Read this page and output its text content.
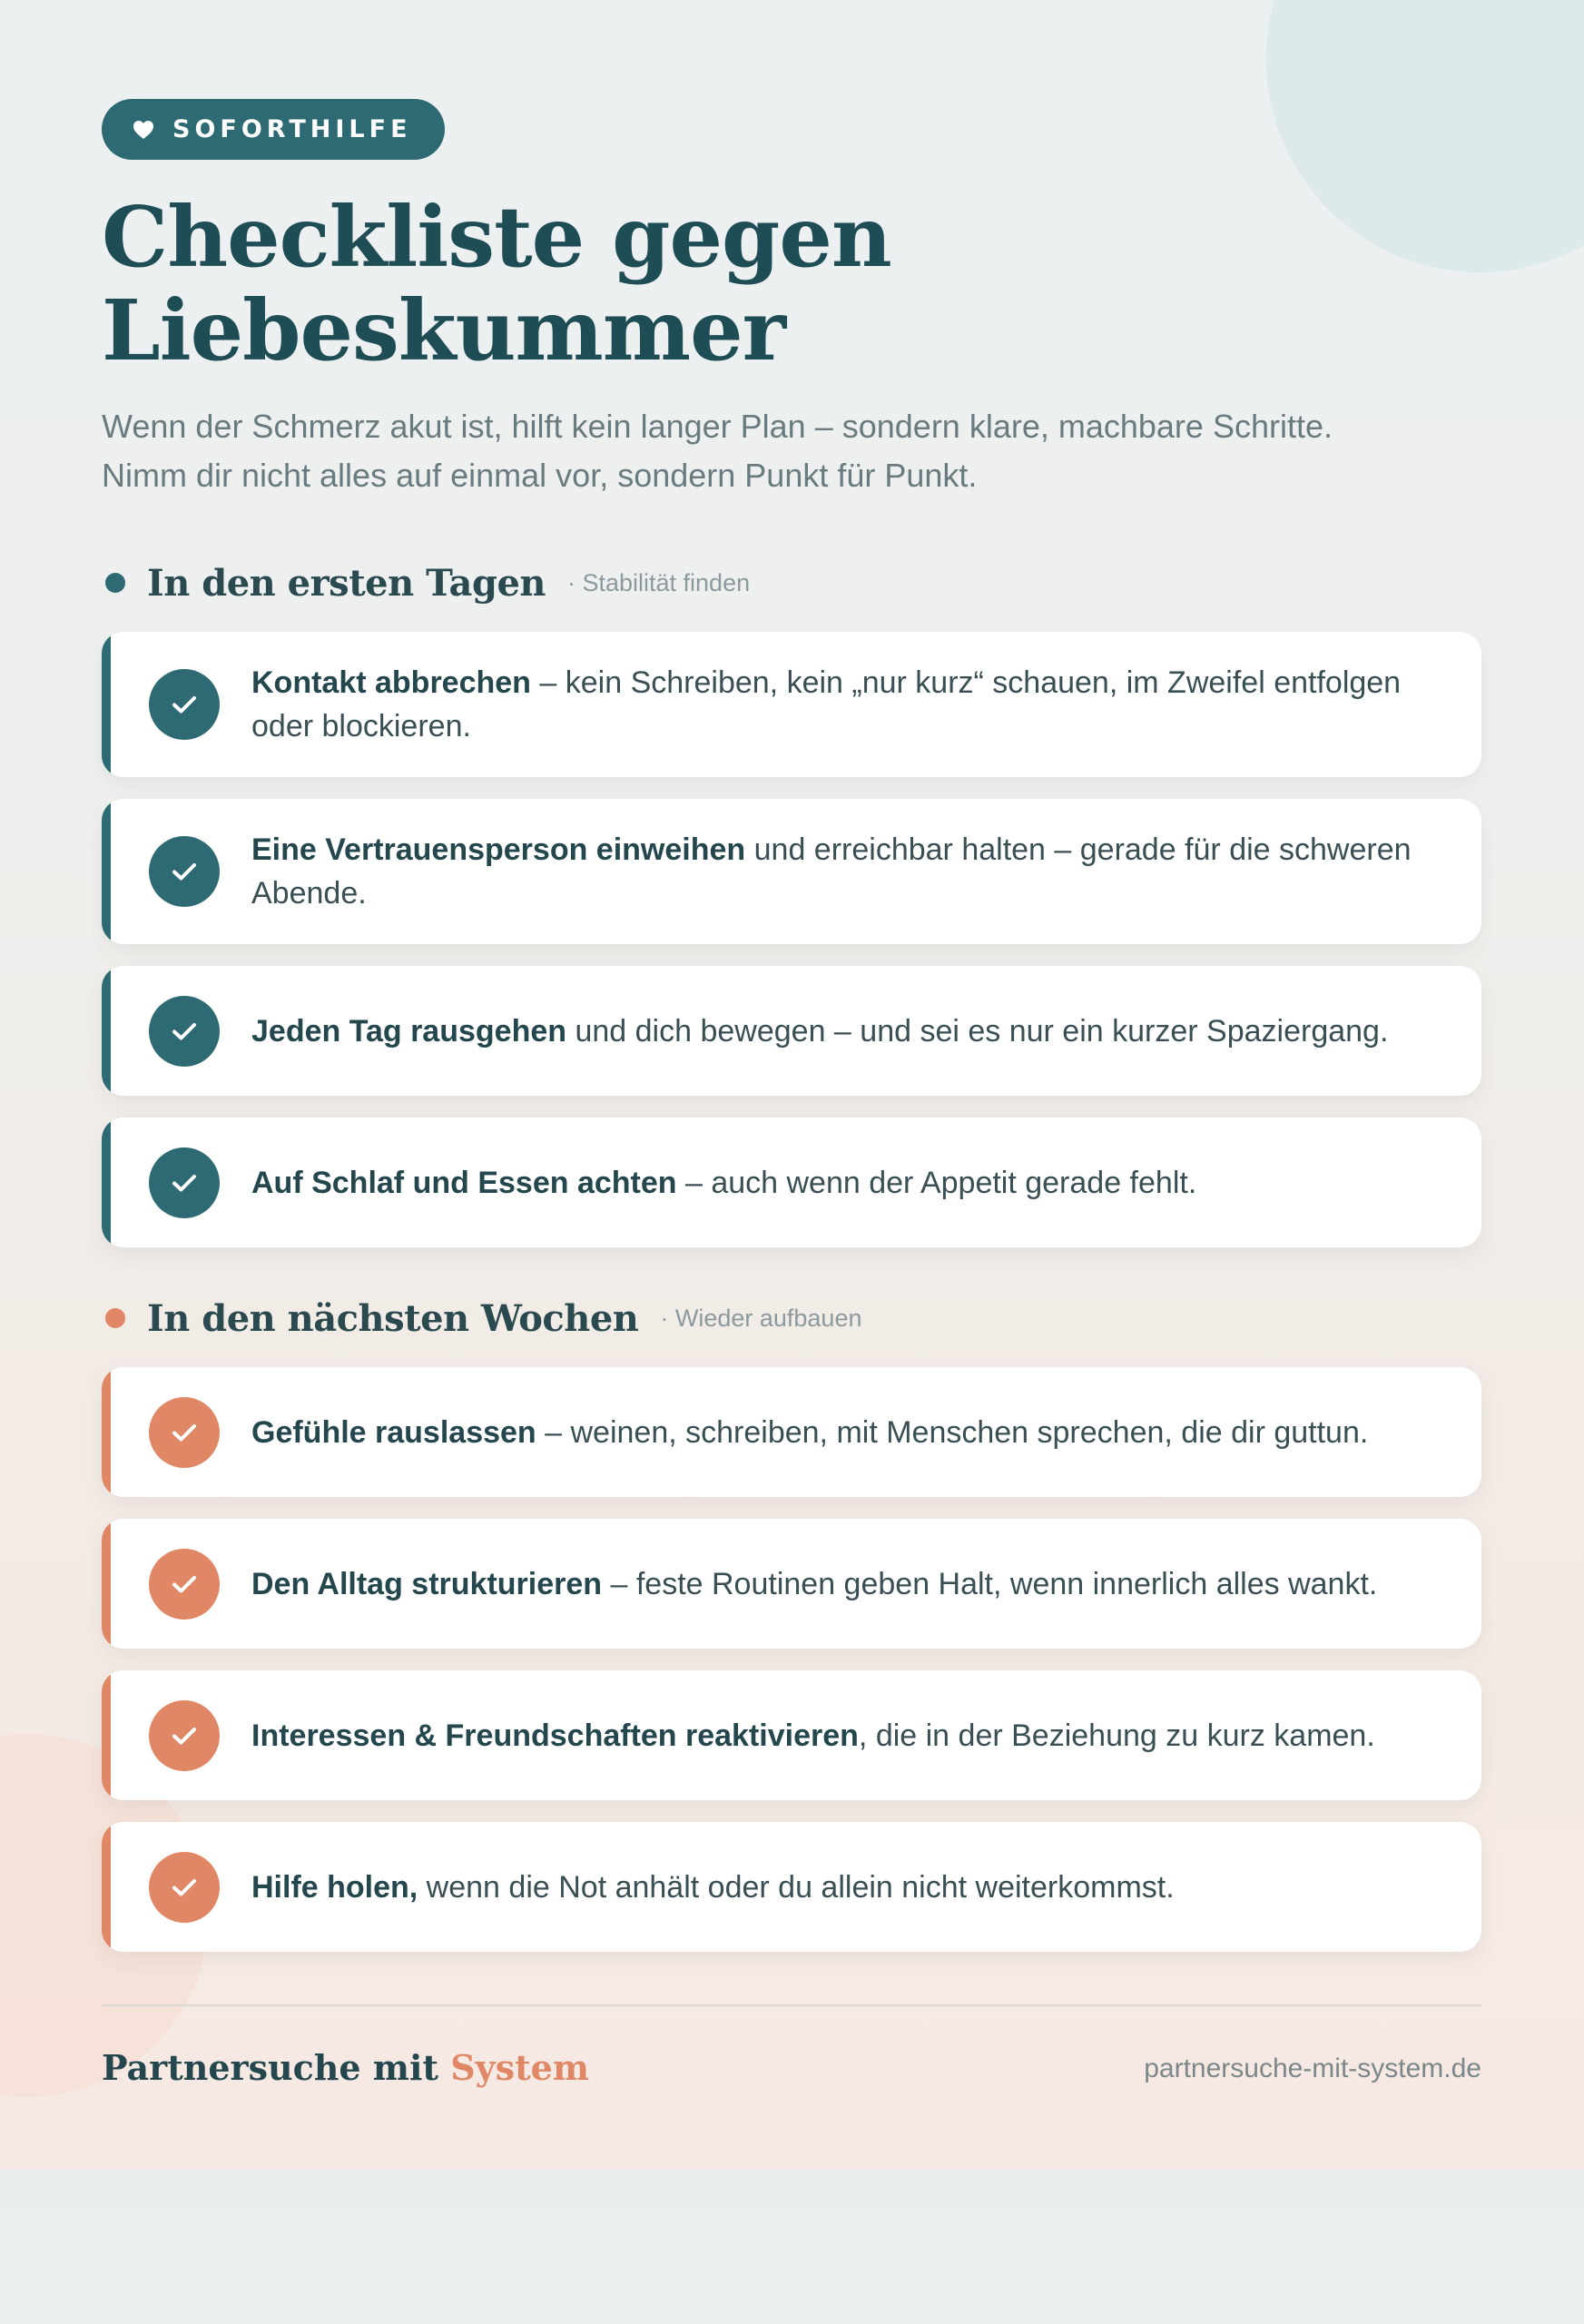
SOFORTHILFE
Checkliste gegen
Liebeskummer

Wenn der Schmerz akut ist, hilft kein langer Plan – sondern klare, machbare Schritte. Nimm dir nicht alles auf einmal vor, sondern Punkt für Punkt.

In den ersten Tagen · Stabilität finden
Kontakt abbrechen – kein Schreiben, kein „nur kurz“ schauen, im Zweifel entfolgen oder blockieren.
Eine Vertrauensperson einweihen und erreichbar halten – gerade für die schweren Abende.
Jeden Tag rausgehen und dich bewegen – und sei es nur ein kurzer Spaziergang.
Auf Schlaf und Essen achten – auch wenn der Appetit gerade fehlt.
In den nächsten Wochen · Wieder aufbauen
Gefühle rauslassen – weinen, schreiben, mit Menschen sprechen, die dir guttun.
Den Alltag strukturieren – feste Routinen geben Halt, wenn innerlich alles wankt.
Interessen & Freundschaften reaktivieren, die in der Beziehung zu kurz kamen.
Hilfe holen, wenn die Not anhält oder du allein nicht weiterkommst.
Partnersuche mit System	partnersuche-mit-system.de
